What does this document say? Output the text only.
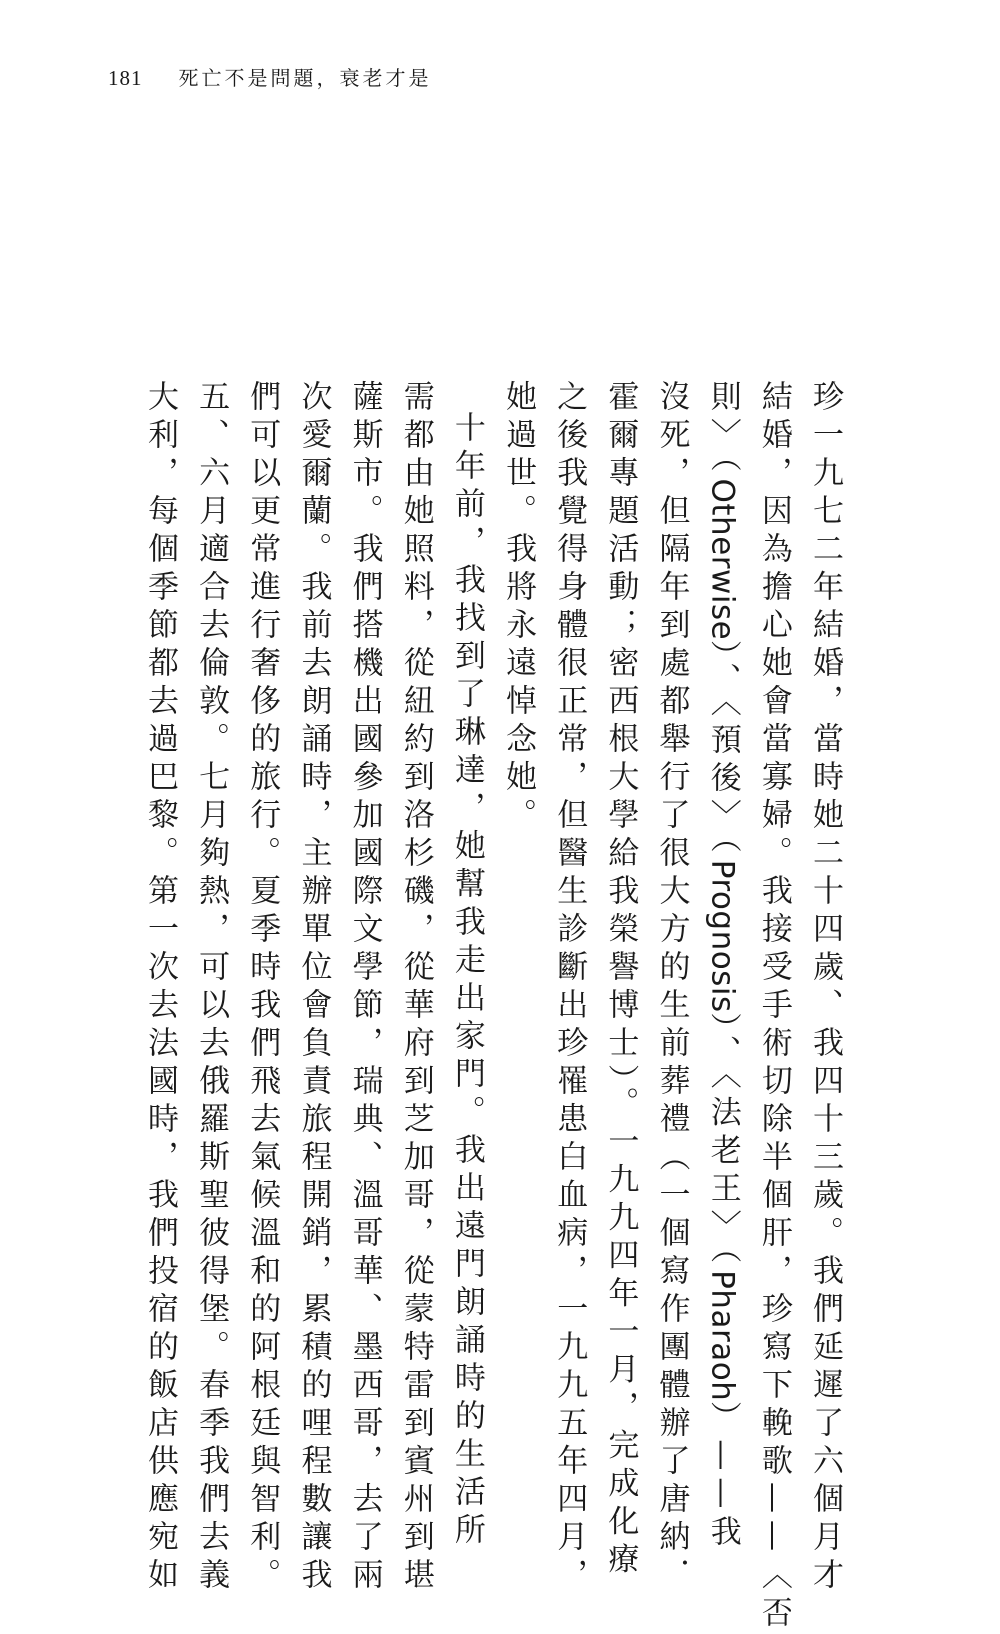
181 死亡不是問題，衰老才是

珍一九七二年結婚，當時她二十四歲、我四十三歲。我們延遲了六個月才
結婚，因為擔心她會當寡婦。我接受手術切除半個肝，珍寫下輓歌——〈否
則〉（Otherwise）、〈預後〉（Prognosis）、〈法老王〉（Pharaoh）——我
沒死，但隔年到處都舉行了很大方的生前葬禮（一個寫作團體辦了唐納．
霍爾專題活動；密西根大學給我榮譽博士）。一九九四年一月，完成化療
之後我覺得身體很正常，但醫生診斷出珍罹患白血病，一九九五年四月，
她過世。我將永遠悼念她。

十年前，我找到了琳達，她幫我走出家門。我出遠門朗誦時的生活所
需都由她照料，從紐約到洛杉磯，從華府到芝加哥，從蒙特雷到賓州到堪
薩斯市。我們搭機出國參加國際文學節，瑞典、溫哥華、墨西哥，去了兩
次愛爾蘭。我前去朗誦時，主辦單位會負責旅程開銷，累積的哩程數讓我
們可以更常進行奢侈的旅行。夏季時我們飛去氣候溫和的阿根廷與智利。
五、六月適合去倫敦。七月夠熱，可以去俄羅斯聖彼得堡。春季我們去義
大利，每個季節都去過巴黎。第一次去法國時，我們投宿的飯店供應宛如
